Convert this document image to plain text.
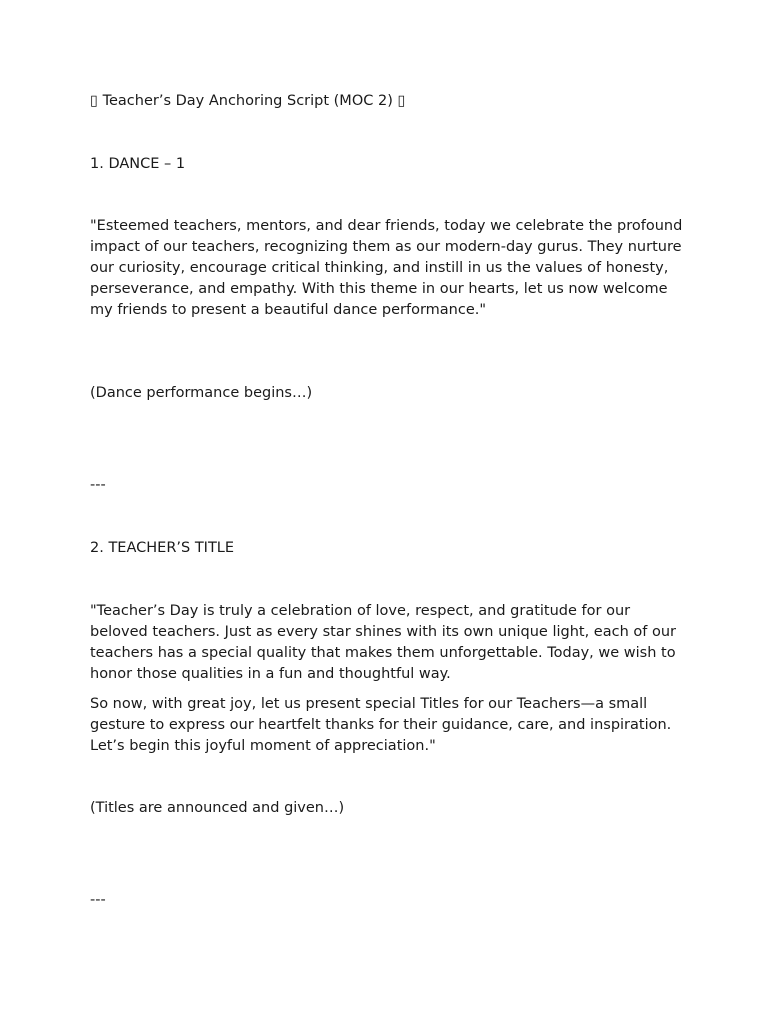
▯ Teacher’s Day Anchoring Script (MOC 2) ▯

1. DANCE – 1

"Esteemed teachers, mentors, and dear friends, today we celebrate the profound impact of our teachers, recognizing them as our modern-day gurus. They nurture our curiosity, encourage critical thinking, and instill in us the values of honesty, perseverance, and empathy. With this theme in our hearts, let us now welcome my friends to present a beautiful dance performance."

(Dance performance begins…)

---

2. TEACHER’S TITLE

"Teacher’s Day is truly a celebration of love, respect, and gratitude for our beloved teachers. Just as every star shines with its own unique light, each of our teachers has a special quality that makes them unforgettable. Today, we wish to honor those qualities in a fun and thoughtful way.

So now, with great joy, let us present special Titles for our Teachers—a small gesture to express our heartfelt thanks for their guidance, care, and inspiration. Let’s begin this joyful moment of appreciation."

(Titles are announced and given…)

---
